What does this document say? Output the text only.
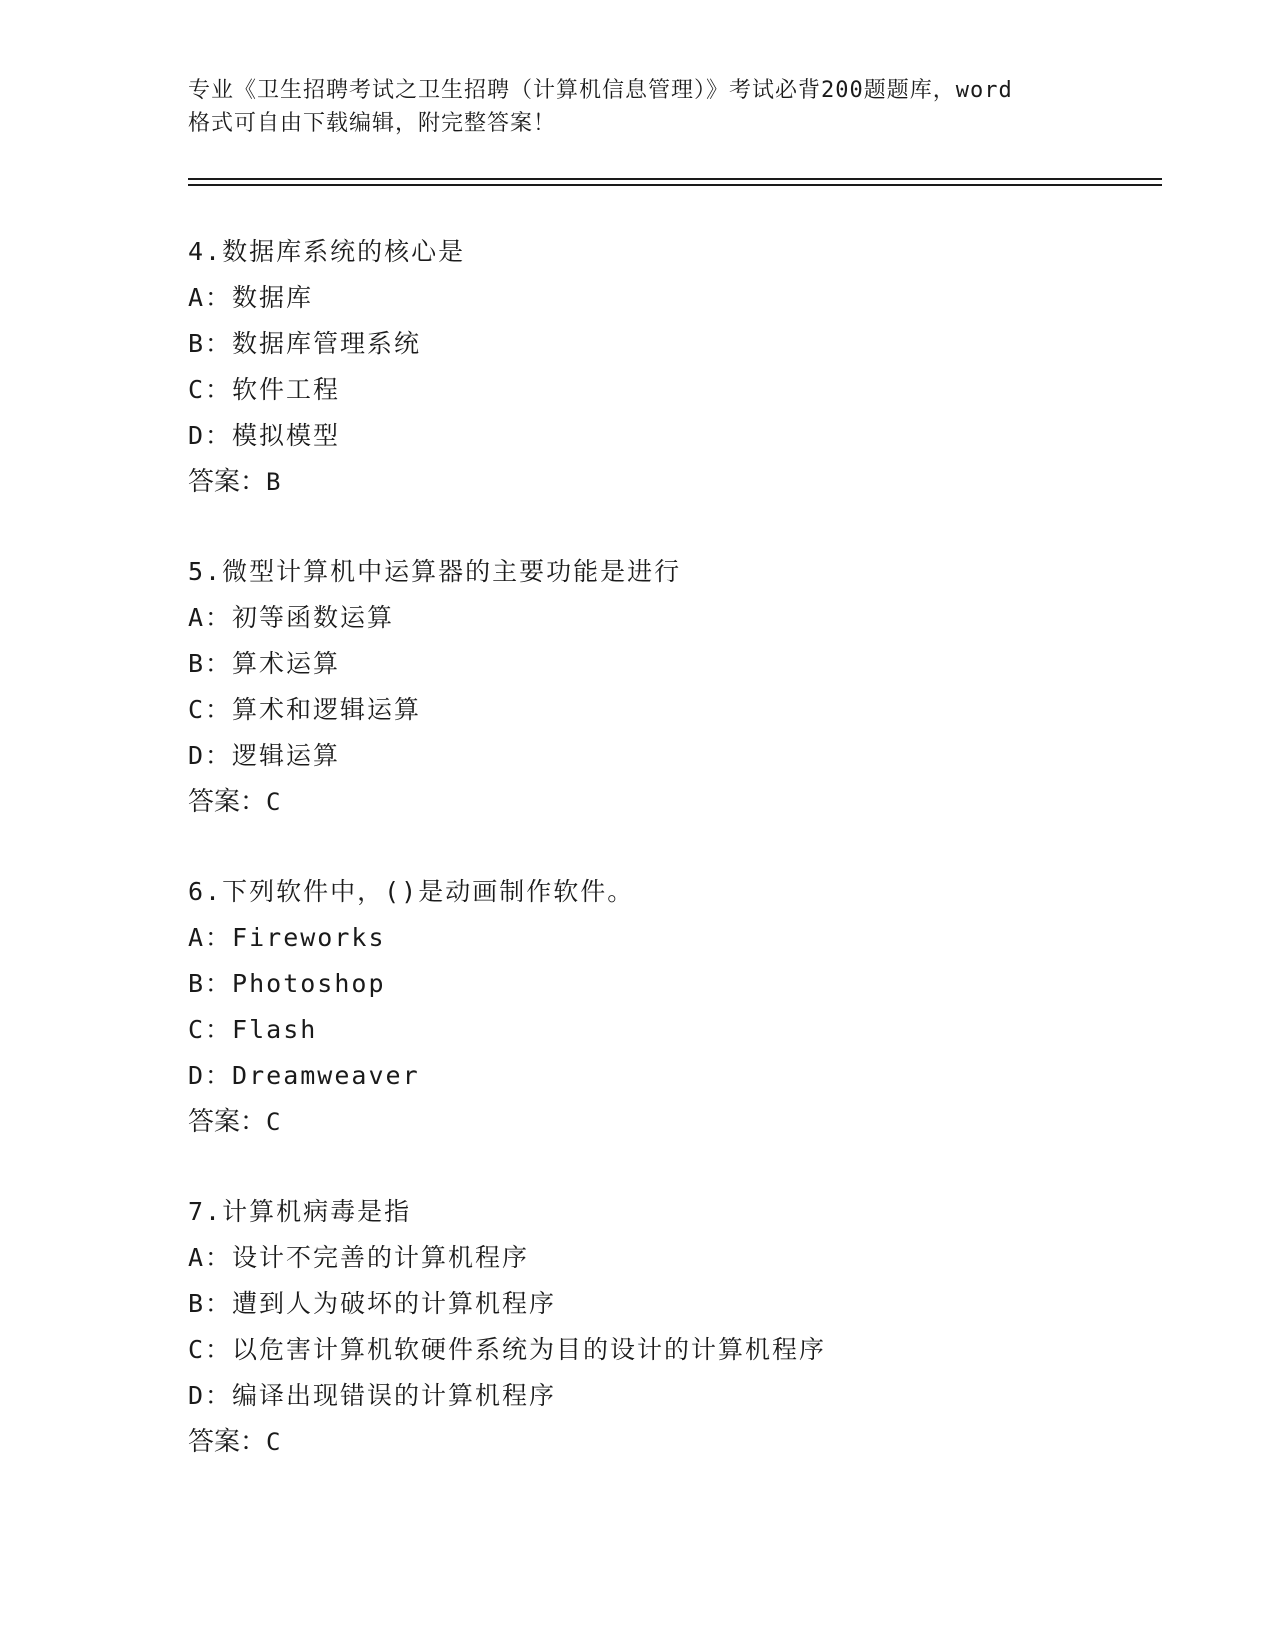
专业《卫生招聘考试之卫生招聘（计算机信息管理）》考试必背200题题库，word
格式可自由下载编辑，附完整答案！
4.数据库系统的核心是
A：数据库
B：数据库管理系统
C：软件工程
D：模拟模型
答案：B
5.微型计算机中运算器的主要功能是进行
A：初等函数运算
B：算术运算
C：算术和逻辑运算
D：逻辑运算
答案：C
6.下列软件中，()是动画制作软件。
A：Fireworks
B：Photoshop
C：Flash
D：Dreamweaver
答案：C
7.计算机病毒是指
A：设计不完善的计算机程序
B：遭到人为破坏的计算机程序
C：以危害计算机软硬件系统为目的设计的计算机程序
D：编译出现错误的计算机程序
答案：C
